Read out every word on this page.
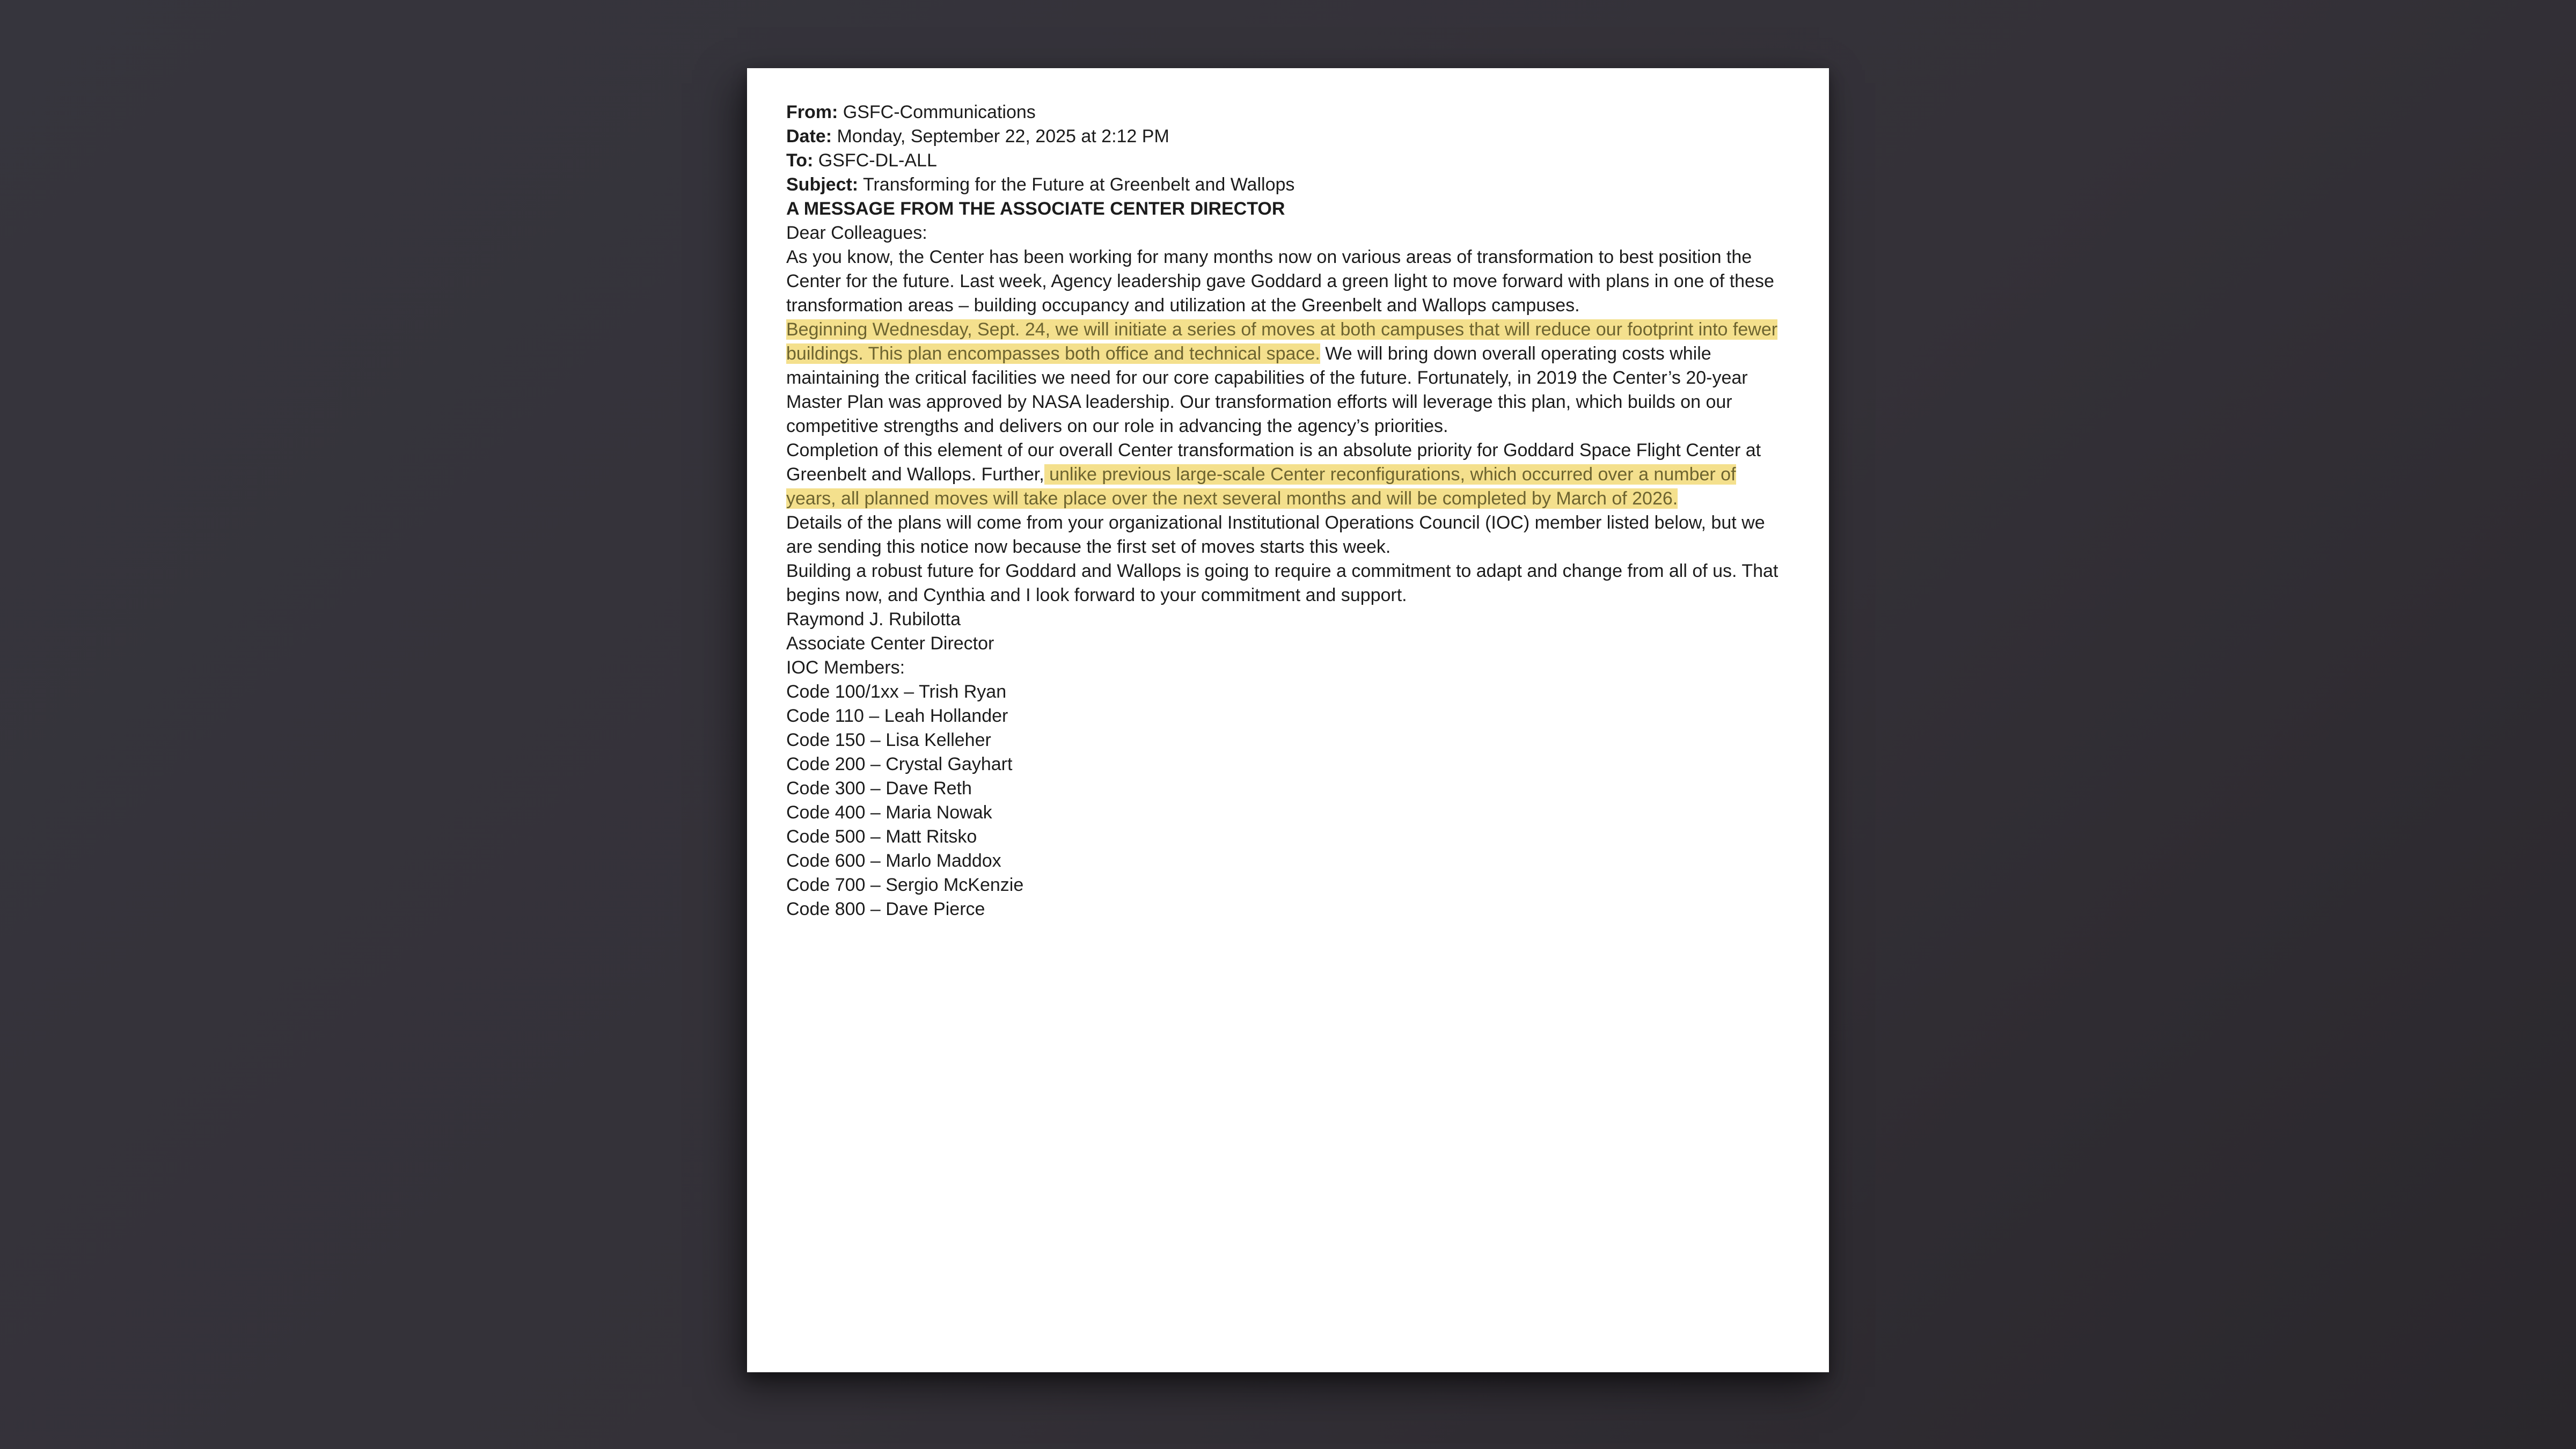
From: GSFC-Communications

Date: Monday, September 22, 2025 at 2:12 PM

To: GSFC-DL-ALL

Subject: Transforming for the Future at Greenbelt and Wallops

A MESSAGE FROM THE ASSOCIATE CENTER DIRECTOR

Dear Colleagues:

As you know, the Center has been working for many months now on various areas of transformation to best position the Center for the future. Last week, Agency leadership gave Goddard a green light to move forward with plans in one of these transformation areas – building occupancy and utilization at the Greenbelt and Wallops campuses.

Beginning Wednesday, Sept. 24, we will initiate a series of moves at both campuses that will reduce our footprint into fewer buildings. This plan encompasses both office and technical space. We will bring down overall operating costs while maintaining the critical facilities we need for our core capabilities of the future. Fortunately, in 2019 the Center’s 20-year Master Plan was approved by NASA leadership. Our transformation efforts will leverage this plan, which builds on our competitive strengths and delivers on our role in advancing the agency’s priorities.

Completion of this element of our overall Center transformation is an absolute priority for Goddard Space Flight Center at Greenbelt and Wallops. Further, unlike previous large-scale Center reconfigurations, which occurred over a number of years, all planned moves will take place over the next several months and will be completed by March of 2026.

Details of the plans will come from your organizational Institutional Operations Council (IOC) member listed below, but we are sending this notice now because the first set of moves starts this week.

Building a robust future for Goddard and Wallops is going to require a commitment to adapt and change from all of us. That begins now, and Cynthia and I look forward to your commitment and support.

Raymond J. Rubilotta

Associate Center Director

IOC Members:

Code 100/1xx – Trish Ryan

Code 110 – Leah Hollander

Code 150 – Lisa Kelleher

Code 200 – Crystal Gayhart

Code 300 – Dave Reth

Code 400 – Maria Nowak

Code 500 – Matt Ritsko

Code 600 – Marlo Maddox

Code 700 – Sergio McKenzie

Code 800 – Dave Pierce
